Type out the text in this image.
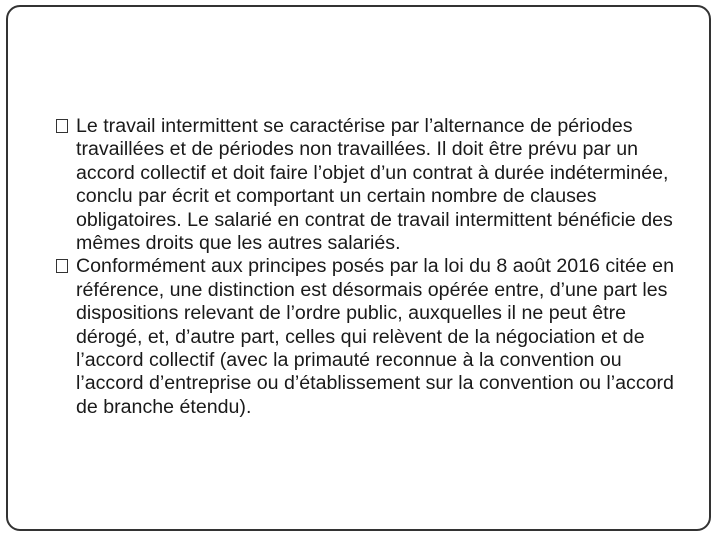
Le travail intermittent se caractérise par l’alternance de périodes travaillées et de périodes non travaillées. Il doit être prévu par un accord collectif et doit faire l’objet d’un contrat à durée indéterminée, conclu par écrit et comportant un certain nombre de clauses obligatoires. Le salarié en contrat de travail intermittent bénéficie des mêmes droits que les autres salariés.
Conformément aux principes posés par la loi du 8 août 2016 citée en référence, une distinction est désormais opérée entre, d’une part les dispositions relevant de l’ordre public, auxquelles il ne peut être dérogé, et, d’autre part, celles qui relèvent de la négociation et de l’accord collectif (avec la primauté reconnue à la convention ou l’accord d’entreprise ou d’établissement sur la convention ou l’accord de branche étendu).
